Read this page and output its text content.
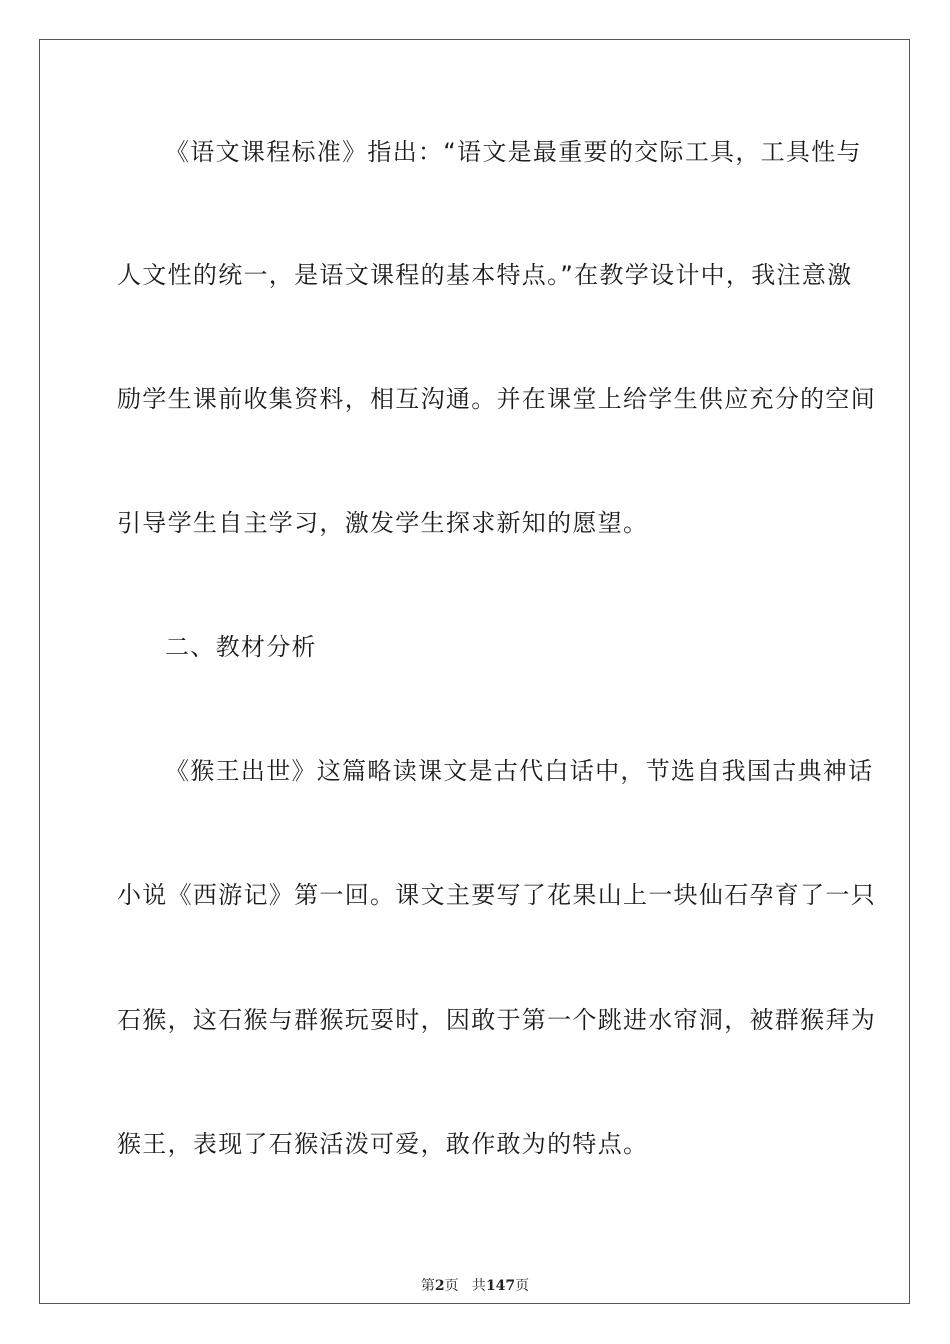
《语文课程标准》指出：“语文是最重要的交际工具，工具性与
人文性的统一，是语文课程的基本特点。”在教学设计中，我注意激
励学生课前收集资料，相互沟通。并在课堂上给学生供应充分的空间
引导学生自主学习，激发学生探求新知的愿望。
二、教材分析
《猴王出世》这篇略读课文是古代白话中，节选自我国古典神话
小说《西游记》第一回。课文主要写了花果山上一块仙石孕育了一只
石猴，这石猴与群猴玩耍时，因敢于第一个跳进水帘洞，被群猴拜为
猴王，表现了石猴活泼可爱，敢作敢为的特点。
第2页   共147页
